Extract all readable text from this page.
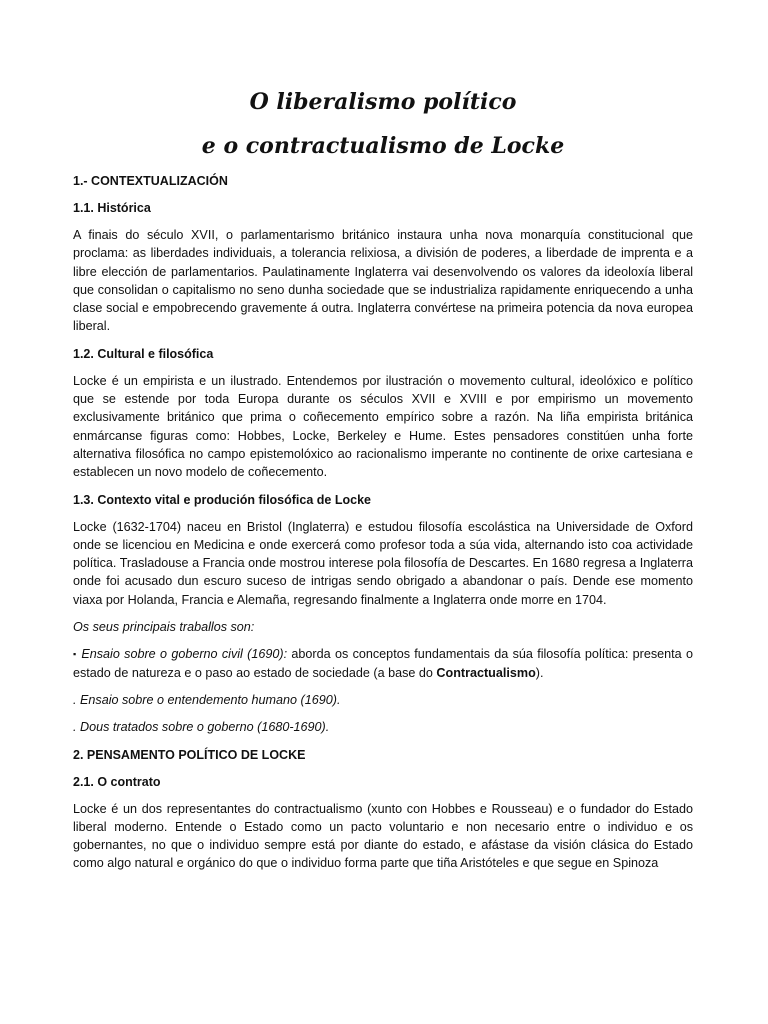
O liberalismo político
e o contractualismo de Locke
1.- CONTEXTUALIZACIÓN
1.1. Histórica

A finais do século XVII, o parlamentarismo británico instaura unha nova monarquía constitucional que proclama: as liberdades individuais, a tolerancia relixiosa, a división de poderes, a liberdade de imprenta e a libre elección de parlamentarios. Paulatinamente Inglaterra vai desenvolvendo os valores da ideoloxía liberal que consolidan o capitalismo no seno dunha sociedade que se industrializa rapidamente enriquecendo a unha clase social e empobrecendo gravemente á outra. Inglaterra convértese na primeira potencia da nova europea liberal.

1.2. Cultural e filosófica

Locke é un empirista e un ilustrado. Entendemos por ilustración o movemento cultural, ideolóxico e político que se estende por toda Europa durante os séculos XVII e XVIII e por empirismo un movemento exclusivamente británico que prima o coñecemento empírico sobre a razón. Na liña empirista británica enmárcanse figuras como: Hobbes, Locke, Berkeley e Hume. Estes pensadores constitúen unha forte alternativa filosófica no campo epistemolóxico ao racionalismo imperante no continente de orixe cartesiana e establecen un novo modelo de coñecemento.

1.3. Contexto vital e produción filosófica de Locke

Locke (1632-1704) naceu en Bristol (Inglaterra) e estudou filosofía escolástica na Universidade de Oxford onde se licenciou en Medicina e onde exercerá como profesor toda a súa vida, alternando isto coa actividade política. Trasladouse a Francia onde mostrou interese pola filosofía de Descartes. En 1680 regresa a Inglaterra onde foi acusado dun escuro suceso de intrigas sendo obrigado a abandonar o país. Dende ese momento viaxa por Holanda, Francia e Alemaña, regresando finalmente a Inglaterra onde morre en 1704.

Os seus principais traballos son:

▪ Ensaio sobre o goberno civil (1690): aborda os conceptos fundamentais da súa filosofía política: presenta o estado de natureza e o paso ao estado de sociedade (a base do Contractualismo).

. Ensaio sobre o entendemento humano (1690).

. Dous tratados sobre o goberno (1680-1690).

2. PENSAMENTO POLÍTICO DE LOCKE
2.1. O contrato

Locke é un dos representantes do contractualismo (xunto con Hobbes e Rousseau) e o fundador do Estado liberal moderno. Entende o Estado como un pacto voluntario e non necesario entre o individuo e os gobernantes, no que o individuo sempre está por diante do estado, e afástase da visión clásica do Estado como algo natural e orgánico do que o individuo forma parte que tiña Aristóteles e que segue en Spinoza
